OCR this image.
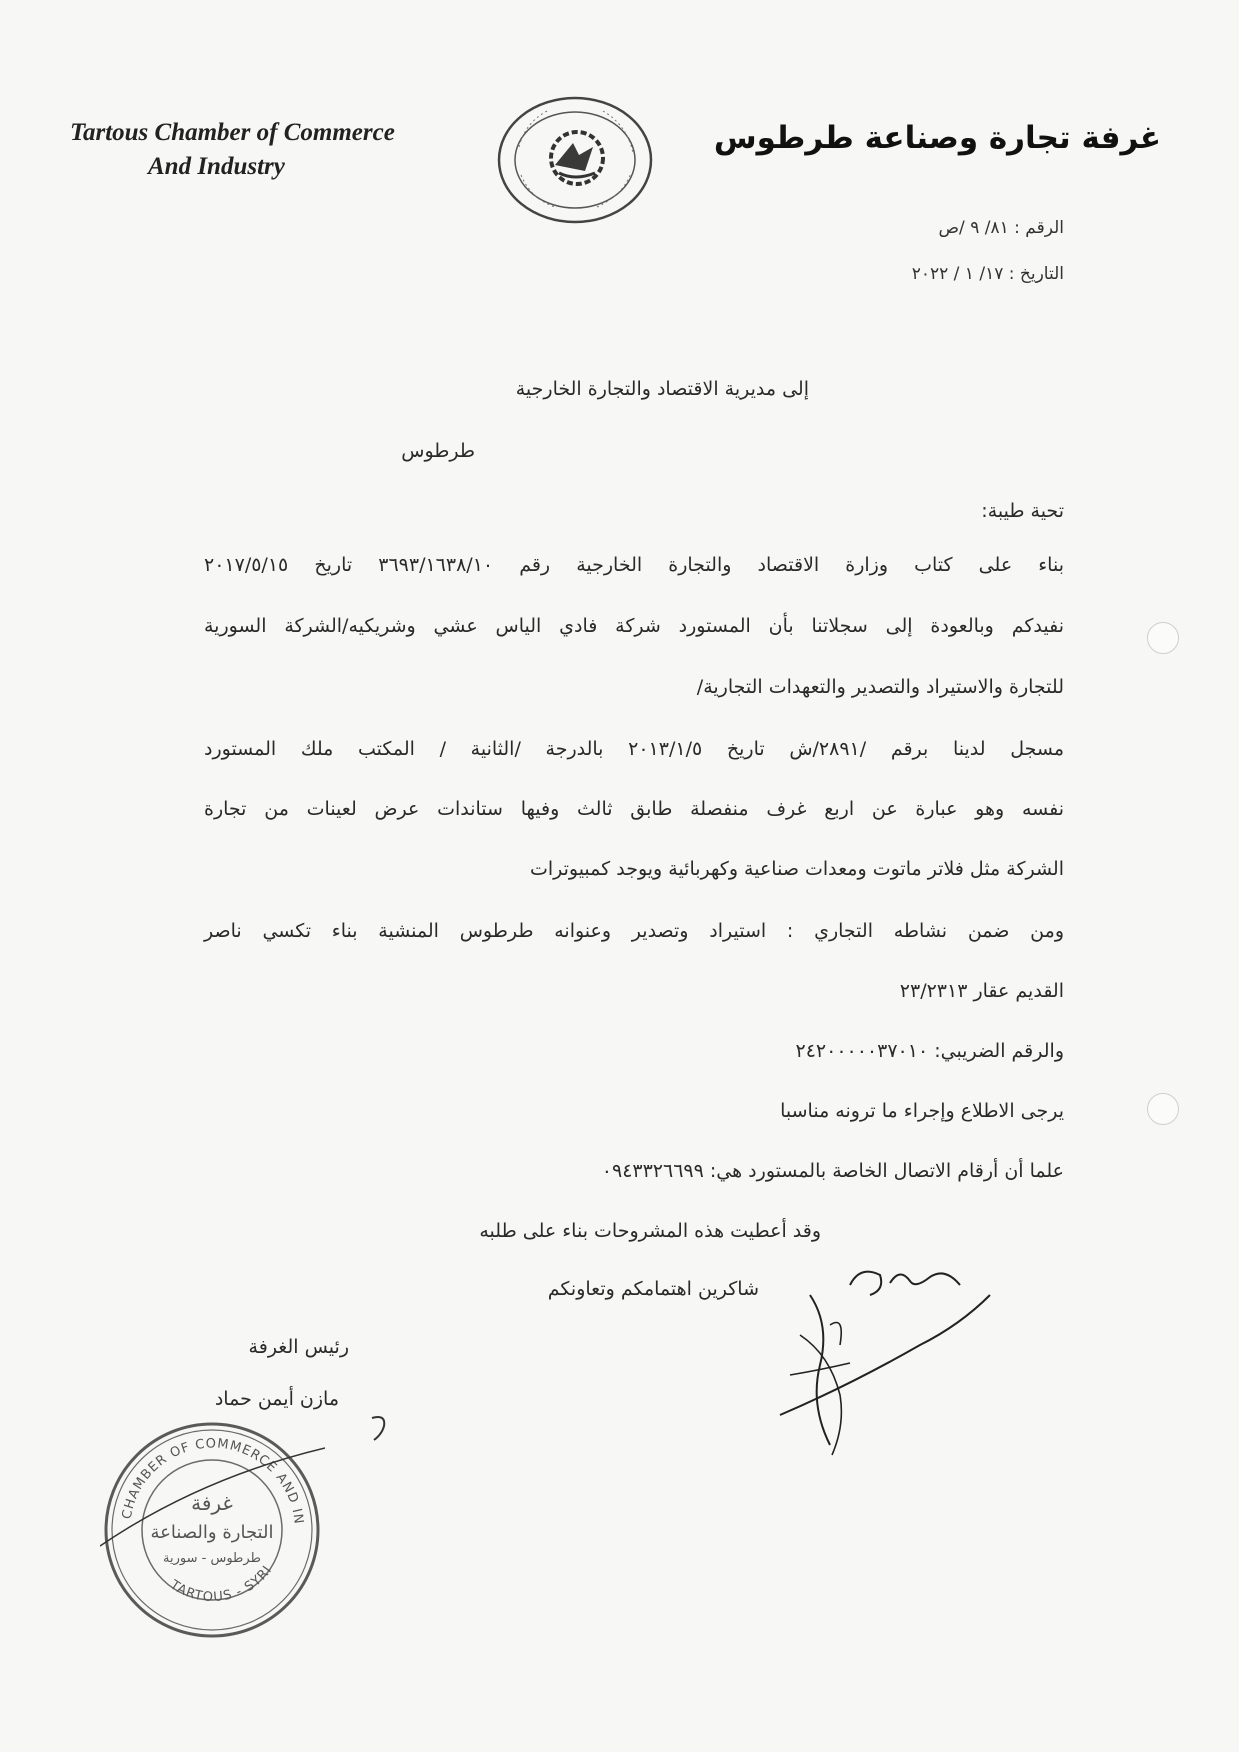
Tartous Chamber of Commerce
And Industry
غرفة تجارة وصناعة طرطوس
الرقم : ٨١/ ٩ /ص
التاريخ : ١٧/ ١ / ٢٠٢٢
إلى مديرية الاقتصاد والتجارة الخارجية
طرطوس
تحية طيبة:
بناء على كتاب وزارة الاقتصاد والتجارة الخارجية رقم ٣٦٩٣/١٦٣٨/١٠ تاريخ ٢٠١٧/٥/١٥
نفيدكم وبالعودة إلى سجلاتنا بأن المستورد شركة فادي الياس عشي وشريكيه/الشركة السورية
للتجارة والاستيراد والتصدير والتعهدات التجارية/
مسجل لدينا برقم /٢٨٩١/ش تاريخ ٢٠١٣/١/٥ بالدرجة /الثانية / المكتب ملك المستورد
نفسه وهو عبارة عن اربع غرف منفصلة طابق ثالث وفيها ستاندات عرض لعينات من تجارة
الشركة مثل فلاتر ماتوت ومعدات صناعية وكهربائية ويوجد كمبيوترات
ومن ضمن نشاطه التجاري : استيراد وتصدير وعنوانه طرطوس المنشية بناء تكسي ناصر
القديم عقار ٢٣/٢٣١٣
والرقم الضريبي: ٢٤٢٠٠٠٠٠٣٧٠١٠
يرجى الاطلاع وإجراء ما ترونه مناسبا
علما أن أرقام الاتصال الخاصة بالمستورد هي: ٠٩٤٣٣٢٦٦٩٩
وقد أعطيت هذه المشروحات بناء على طلبه
شاكرين اهتمامكم وتعاونكم
رئيس الغرفة
مازن أيمن حماد
CHAMBER OF COMMERCE AND IN
TARTOUS - SYRI
غرفة
التجارة والصناعة
طرطوس - سورية
